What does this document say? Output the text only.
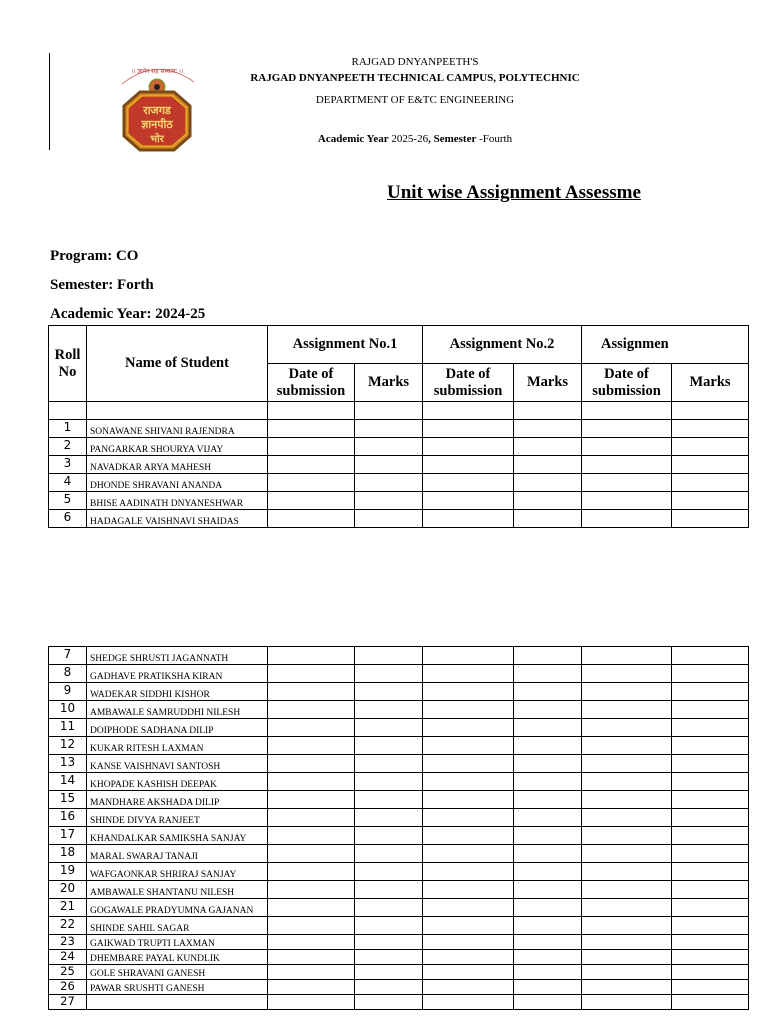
।। ज्ञानेन सह संस्कारः ।।
राजगड
ज्ञानपीठ
भोर
RAJGAD DNYANPEETH'S
RAJGAD DNYANPEETH TECHNICAL CAMPUS, POLYTECHNIC
DEPARTMENT OF E&TC ENGINEERING
Academic Year 2025-26, Semester -Fourth
Unit wise Assignment Assessme
Program: CO
Semester: Forth
Academic Year: 2024-25
Roll No	Name of Student	Assignment No.1		Assignment No.2		Assignmen	
		Date of submission	Marks	Date of submission	Marks	Date of submission	Marks

1	SONAWANE SHIVANI RAJENDRA						
2	PANGARKAR SHOURYA VIJAY						
3	NAVADKAR ARYA MAHESH						
4	DHONDE SHRAVANI ANANDA						
5	BHISE AADINATH DNYANESHWAR						
6	HADAGALE VAISHNAVI SHAIDAS						
7	SHEDGE SHRUSTI JAGANNATH						
8	GADHAVE PRATIKSHA KIRAN						
9	WADEKAR SIDDHI KISHOR						
10	AMBAWALE SAMRUDDHI NILESH						
11	DOIPHODE SADHANA DILIP						
12	KUKAR RITESH LAXMAN						
13	KANSE VAISHNAVI SANTOSH						
14	KHOPADE KASHISH DEEPAK						
15	MANDHARE AKSHADA DILIP						
16	SHINDE DIVYA RANJEET						
17	KHANDALKAR SAMIKSHA SANJAY						
18	MARAL SWARAJ TANAJI						
19	WAFGAONKAR SHRIRAJ SANJAY						
20	AMBAWALE SHANTANU NILESH						
21	GOGAWALE PRADYUMNA GAJANAN						
22	SHINDE SAHIL SAGAR						
23	GAIKWAD TRUPTI LAXMAN						
24	DHEMBARE PAYAL KUNDLIK						
25	GOLE SHRAVANI GANESH						
26	PAWAR SRUSHTI GANESH						
27							
